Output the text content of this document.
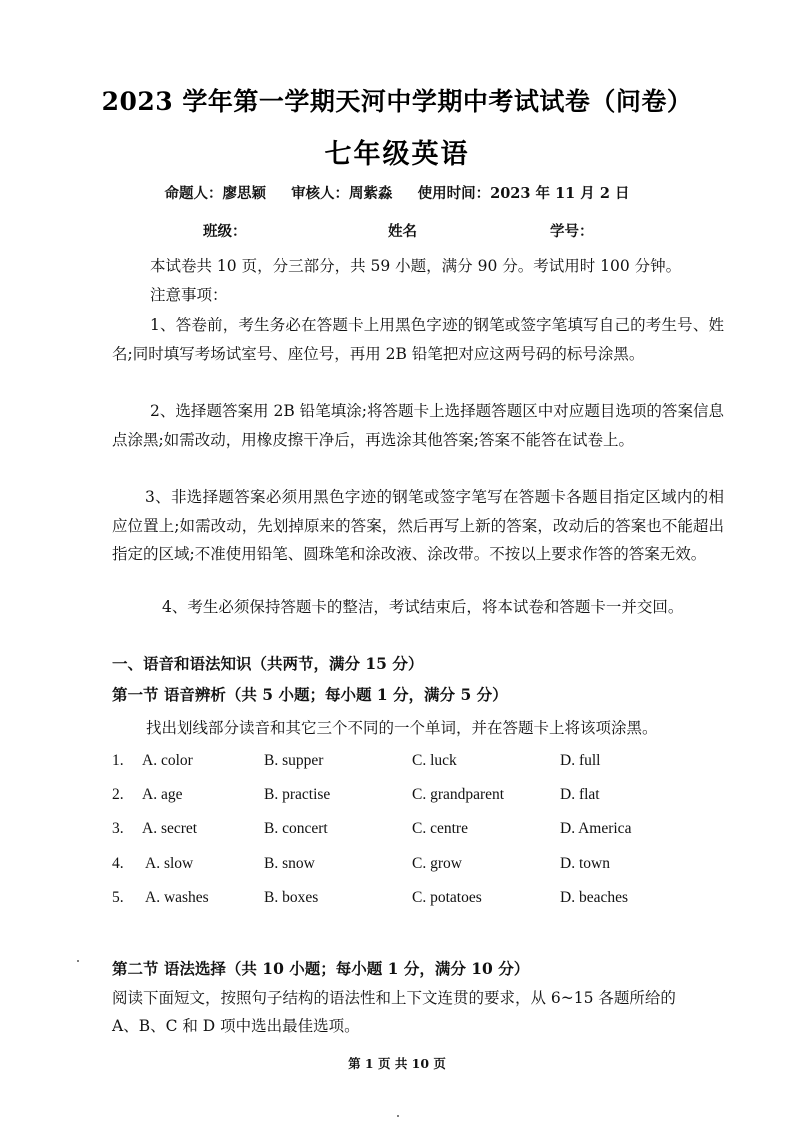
2023 学年第一学期天河中学期中考试试卷（问卷）
七年级英语
命题人：廖思颖 审核人：周紫淼 使用时间：2023 年 11 月 2 日
班级：	姓名	学号：
本试卷共 10 页，分三部分，共 59 小题，满分 90 分。考试用时 100 分钟。
注意事项：
1、答卷前，考生务必在答题卡上用黑色字迹的钢笔或签字笔填写自己的考生号、姓名;同时填写考场试室号、座位号，再用 2B 铅笔把对应这两号码的标号涂黑。
2、选择题答案用 2B 铅笔填涂;将答题卡上选择题答题区中对应题目选项的答案信息点涂黑;如需改动，用橡皮擦干净后，再选涂其他答案;答案不能答在试卷上。
3、非选择题答案必须用黑色字迹的钢笔或签字笔写在答题卡各题目指定区域内的相应位置上;如需改动，先划掉原来的答案，然后再写上新的答案，改动后的答案也不能超出指定的区域;不准使用铅笔、圆珠笔和涂改液、涂改带。不按以上要求作答的答案无效。
4、考生必须保持答题卡的整洁，考试结束后，将本试卷和答题卡一并交回。
一、语音和语法知识（共两节，满分 15 分）
第一节 语音辨析（共 5 小题；每小题 1 分，满分 5 分）
找出划线部分读音和其它三个不同的一个单词，并在答题卡上将该项涂黑。
1. A. color	B. supper	C. luck	D. full
2. A. age	B. practise	C. grandparent	D. flat
3. A. secret	B. concert	C. centre	D. America
4. A. slow	B. snow	C. grow	D. town
5. A. washes	B. boxes	C. potatoes	D. beaches
第二节 语法选择（共 10 小题；每小题 1 分，满分 10 分）
阅读下面短文，按照句子结构的语法性和上下文连贯的要求，从 6~15 各题所给的
A、B、C 和 D 项中选出最佳选项。
第 1 页 共 10 页
